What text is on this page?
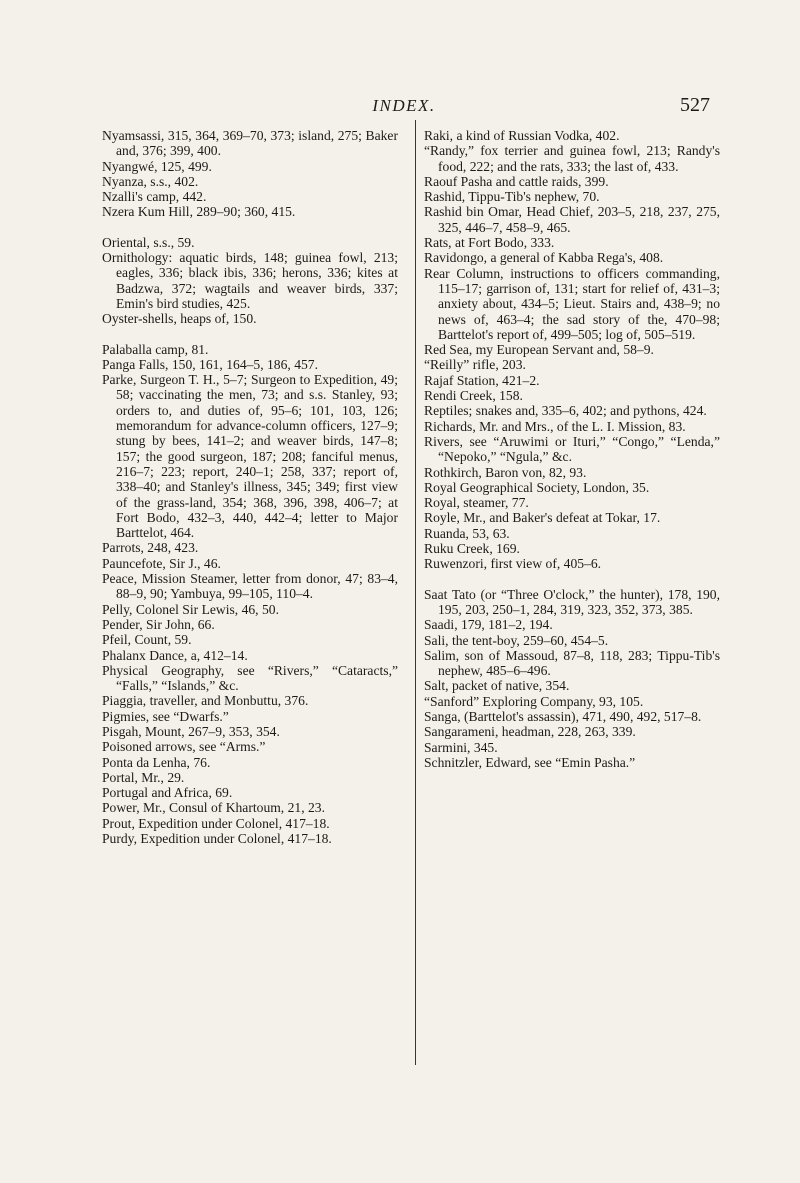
INDEX.	527

Nyamsassi, 315, 364, 369–70, 373; island, 275; Baker and, 376; 399, 400.

Nyangwé, 125, 499.

Nyanza, s.s., 402.

Nzalli's camp, 442.

Nzera Kum Hill, 289–90; 360, 415.

Oriental, s.s., 59.

Ornithology: aquatic birds, 148; guinea fowl, 213; eagles, 336; black ibis, 336; herons, 336; kites at Badzwa, 372; wagtails and weaver birds, 337; Emin's bird studies, 425.

Oyster-shells, heaps of, 150.

Palaballa camp, 81.

Panga Falls, 150, 161, 164–5, 186, 457.

Parke, Surgeon T. H., 5–7; Surgeon to Expedition, 49; 58; vaccinating the men, 73; and s.s. Stanley, 93; orders to, and duties of, 95–6; 101, 103, 126; memorandum for advance-column officers, 127–9; stung by bees, 141–2; and weaver birds, 147–8; 157; the good surgeon, 187; 208; fanciful menus, 216–7; 223; report, 240–1; 258, 337; report of, 338–40; and Stanley's illness, 345; 349; first view of the grass-land, 354; 368, 396, 398, 406–7; at Fort Bodo, 432–3, 440, 442–4; letter to Major Barttelot, 464.

Parrots, 248, 423.

Pauncefote, Sir J., 46.

Peace, Mission Steamer, letter from donor, 47; 83–4, 88–9, 90; Yambuya, 99–105, 110–4.

Pelly, Colonel Sir Lewis, 46, 50.

Pender, Sir John, 66.

Pfeil, Count, 59.

Phalanx Dance, a, 412–14.

Physical Geography, see “Rivers,” “Cataracts,” “Falls,” “Islands,” &c.

Piaggia, traveller, and Monbuttu, 376.

Pigmies, see “Dwarfs.”

Pisgah, Mount, 267–9, 353, 354.

Poisoned arrows, see “Arms.”

Ponta da Lenha, 76.

Portal, Mr., 29.

Portugal and Africa, 69.

Power, Mr., Consul of Khartoum, 21, 23.

Prout, Expedition under Colonel, 417–18.

Purdy, Expedition under Colonel, 417–18.

Raki, a kind of Russian Vodka, 402.

“Randy,” fox terrier and guinea fowl, 213; Randy's food, 222; and the rats, 333; the last of, 433.

Raouf Pasha and cattle raids, 399.

Rashid, Tippu-Tib's nephew, 70.

Rashid bin Omar, Head Chief, 203–5, 218, 237, 275, 325, 446–7, 458–9, 465.

Rats, at Fort Bodo, 333.

Ravidongo, a general of Kabba Rega's, 408.

Rear Column, instructions to officers commanding, 115–17; garrison of, 131; start for relief of, 431–3; anxiety about, 434–5; Lieut. Stairs and, 438–9; no news of, 463–4; the sad story of the, 470–98; Barttelot's report of, 499–505; log of, 505–519.

Red Sea, my European Servant and, 58–9.

“Reilly” rifle, 203.

Rajaf Station, 421–2.

Rendi Creek, 158.

Reptiles; snakes and, 335–6, 402; and pythons, 424.

Richards, Mr. and Mrs., of the L. I. Mission, 83.

Rivers, see “Aruwimi or Ituri,” “Congo,” “Lenda,” “Nepoko,” “Ngula,” &c.

Rothkirch, Baron von, 82, 93.

Royal Geographical Society, London, 35.

Royal, steamer, 77.

Royle, Mr., and Baker's defeat at Tokar, 17.

Ruanda, 53, 63.

Ruku Creek, 169.

Ruwenzori, first view of, 405–6.

Saat Tato (or “Three O'clock,” the hunter), 178, 190, 195, 203, 250–1, 284, 319, 323, 352, 373, 385.

Saadi, 179, 181–2, 194.

Sali, the tent-boy, 259–60, 454–5.

Salim, son of Massoud, 87–8, 118, 283; Tippu-Tib's nephew, 485–6–496.

Salt, packet of native, 354.

“Sanford” Exploring Company, 93, 105.

Sanga, (Barttelot's assassin), 471, 490, 492, 517–8.

Sangarameni, headman, 228, 263, 339.

Sarmini, 345.

Schnitzler, Edward, see “Emin Pasha.”
